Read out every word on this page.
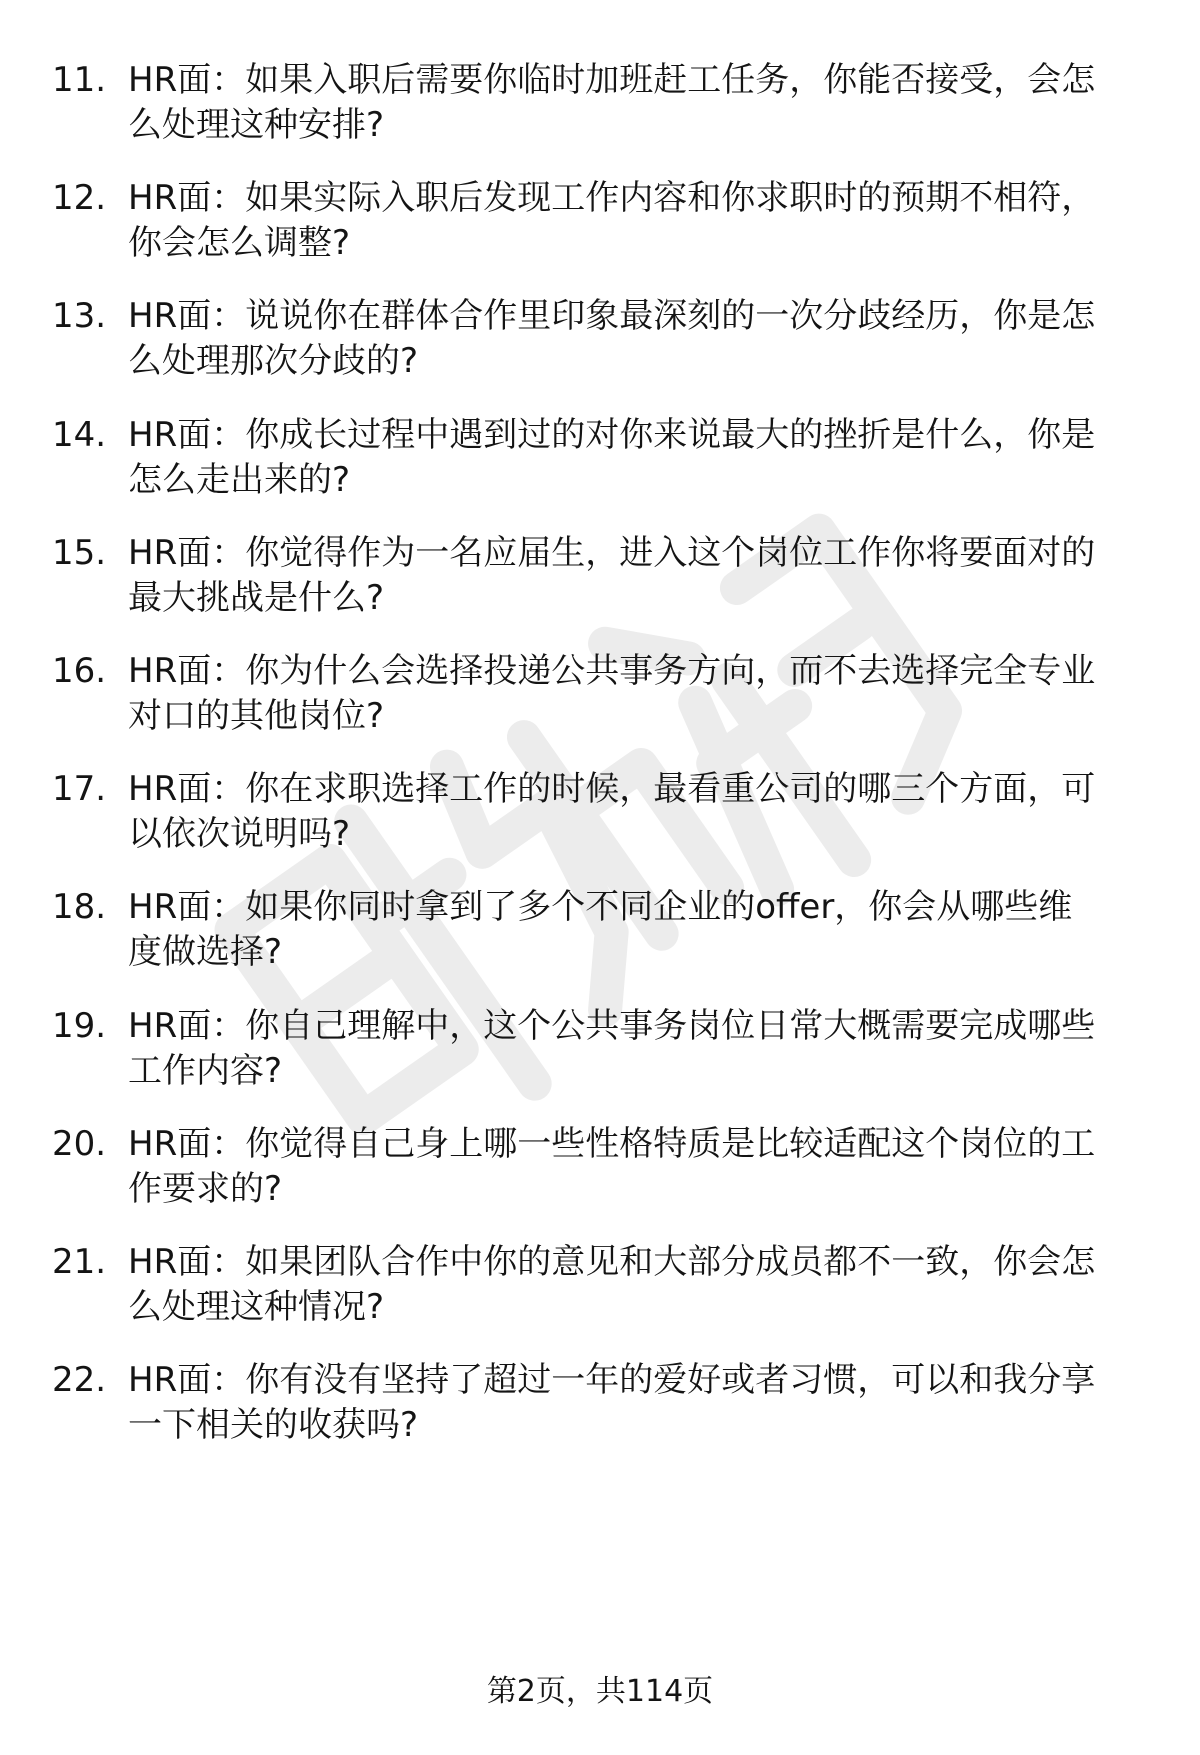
11. HR面：如果入职后需要你临时加班赶工任务，你能否接受，会怎
么处理这种安排?
12. HR面：如果实际入职后发现工作内容和你求职时的预期不相符，
你会怎么调整?
13. HR面：说说你在群体合作里印象最深刻的一次分歧经历，你是怎
么处理那次分歧的?
14. HR面：你成长过程中遇到过的对你来说最大的挫折是什么，你是
怎么走出来的?
15. HR面：你觉得作为一名应届生，进入这个岗位工作你将要面对的
最大挑战是什么?
16. HR面：你为什么会选择投递公共事务方向，而不去选择完全专业
对口的其他岗位?
17. HR面：你在求职选择工作的时候，最看重公司的哪三个方面，可
以依次说明吗?
18. HR面：如果你同时拿到了多个不同企业的offer，你会从哪些维
度做选择?
19. HR面：你自己理解中，这个公共事务岗位日常大概需要完成哪些
工作内容?
20. HR面：你觉得自己身上哪一些性格特质是比较适配这个岗位的工
作要求的?
21. HR面：如果团队合作中你的意见和大部分成员都不一致，你会怎
么处理这种情况?
22. HR面：你有没有坚持了超过一年的爱好或者习惯，可以和我分享
一下相关的收获吗?
第2页，共114页
